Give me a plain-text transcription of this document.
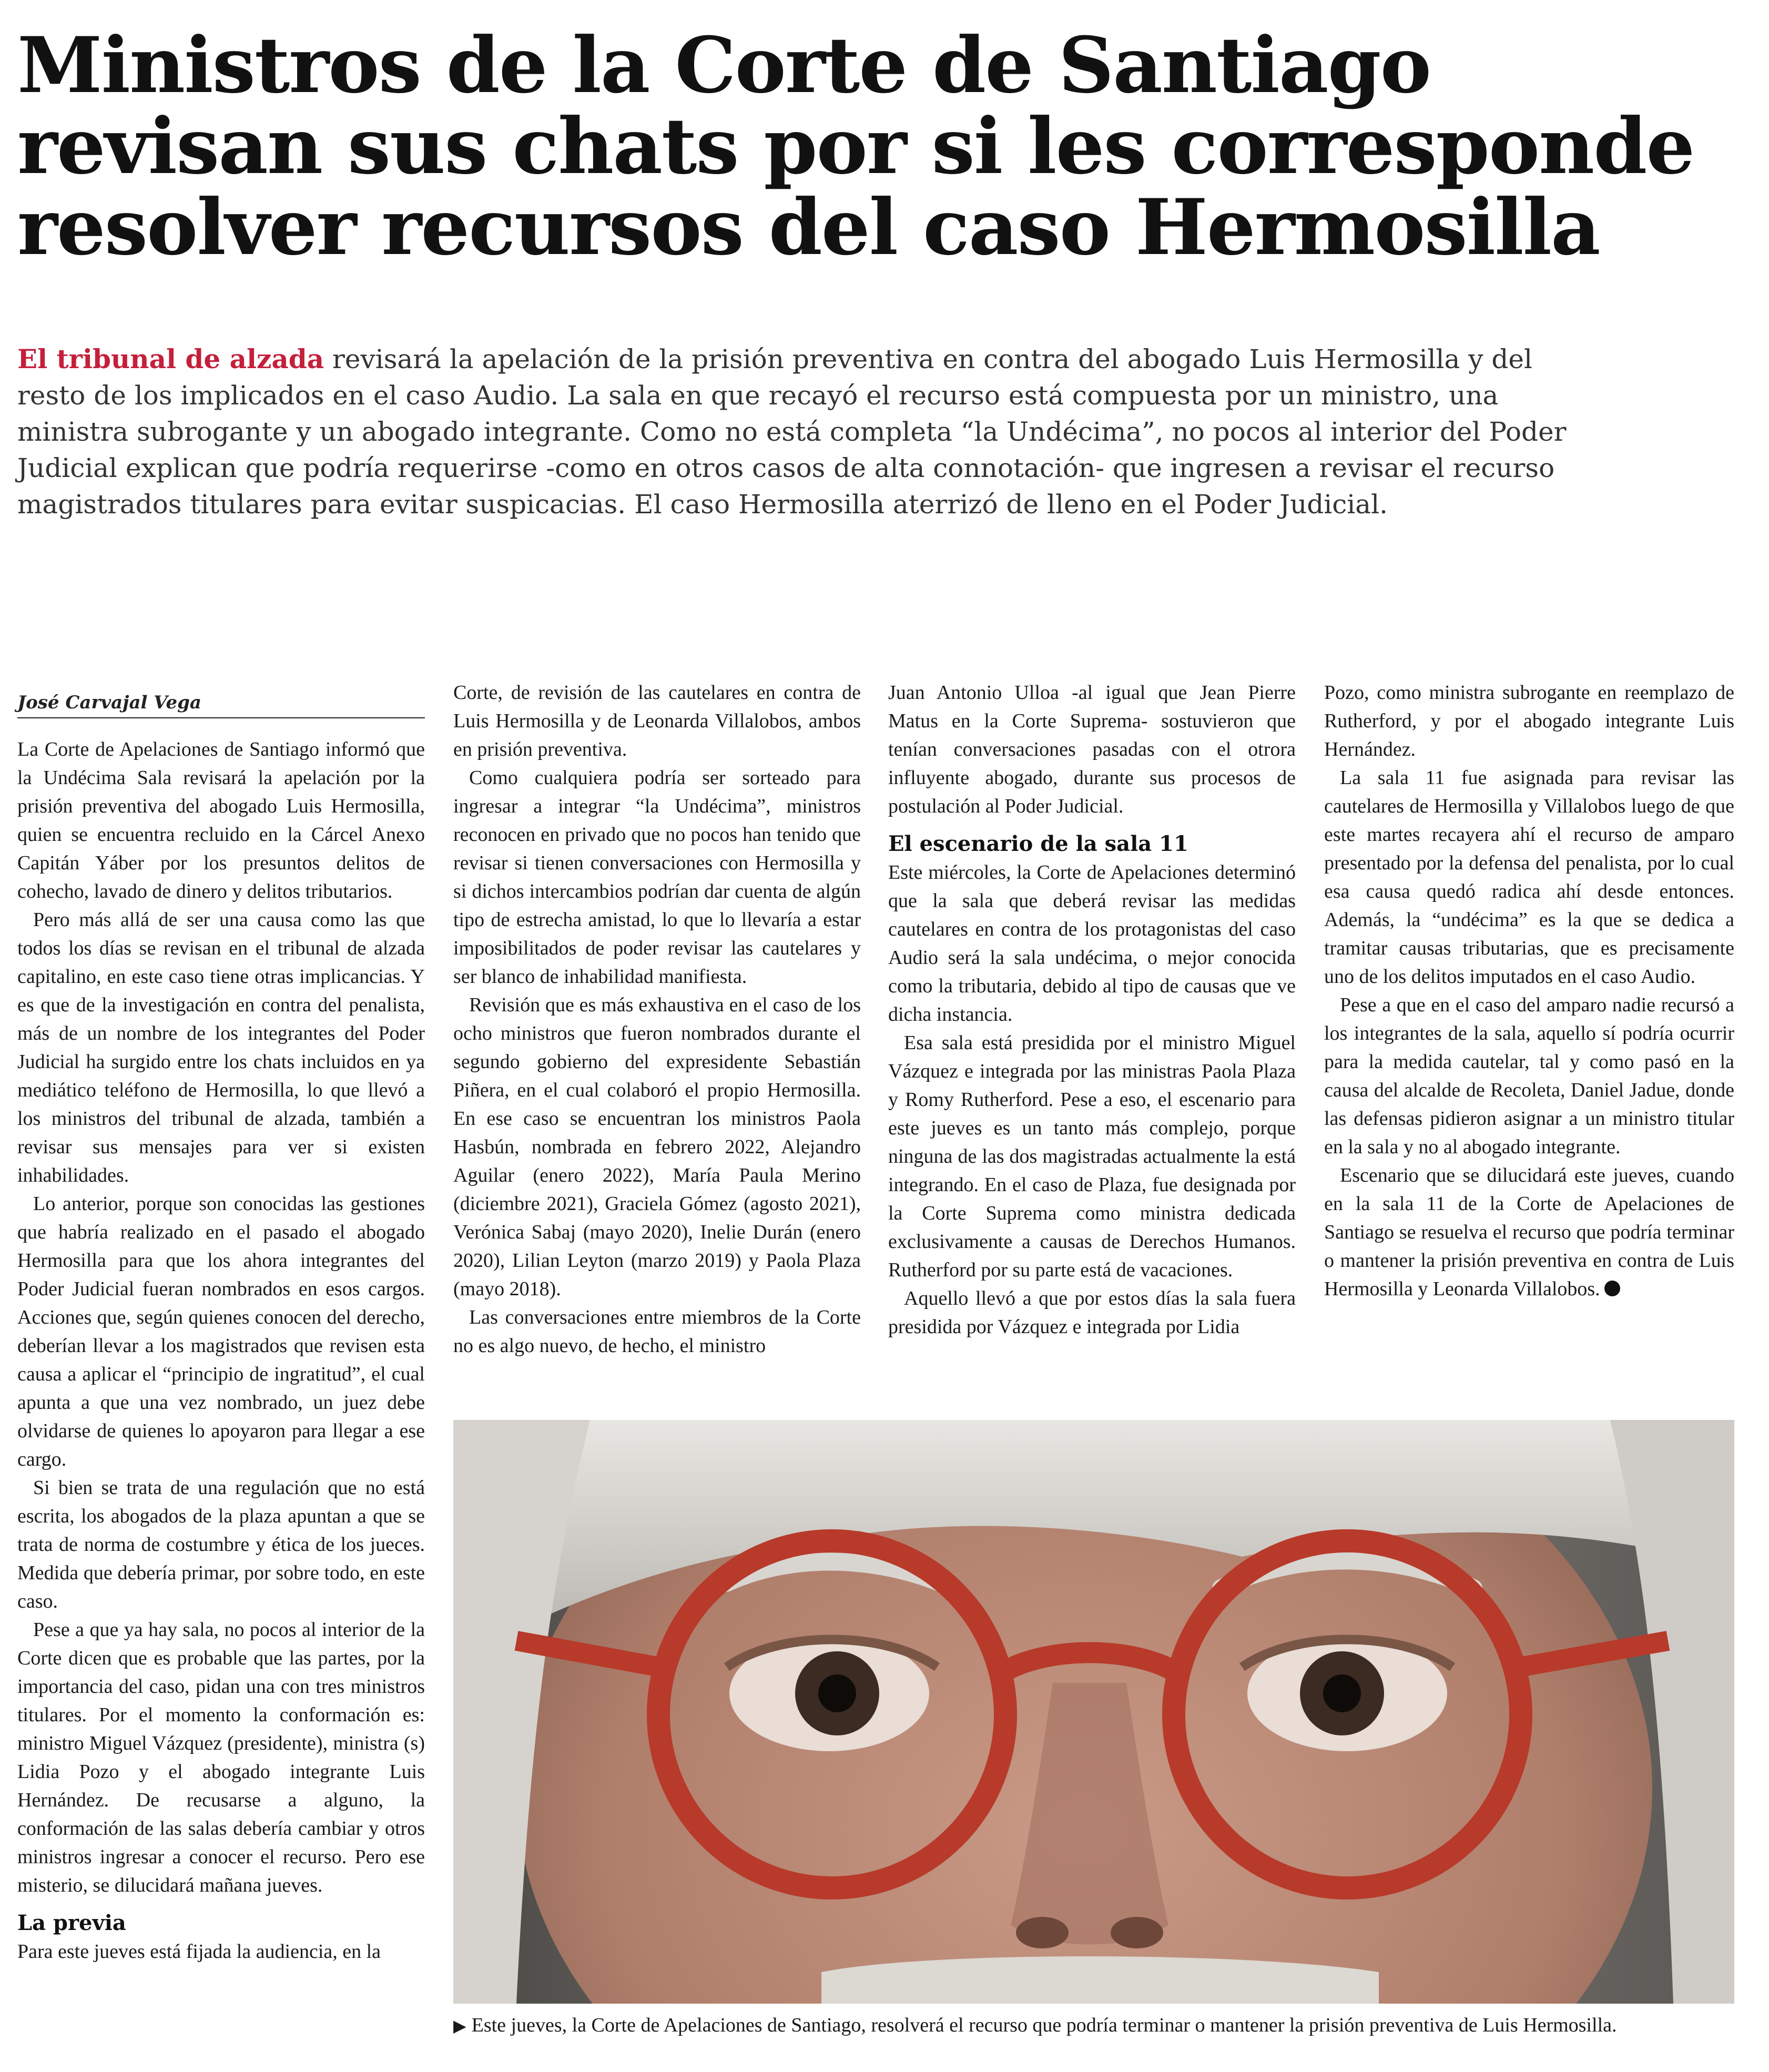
Ministros de la Corte de Santiago revisan sus chats por si les corresponde resolver recursos del caso Hermosilla

El tribunal de alzada revisará la apelación de la prisión preventiva en contra del abogado Luis Hermosilla y del resto de los implicados en el caso Audio. La sala en que recayó el recurso está compuesta por un ministro, una ministra subrogante y un abogado integrante. Como no está completa “la Undécima”, no pocos al interior del Poder Judicial explican que podría requerirse -como en otros casos de alta connotación- que ingresen a revisar el recurso magistrados titulares para evitar suspicacias. El caso Hermosilla aterrizó de lleno en el Poder Judicial.

José Carvajal Vega

La Corte de Apelaciones de Santiago informó que la Undécima Sala revisará la apelación por la prisión preventiva del abogado Luis Hermosilla, quien se encuentra recluido en la Cárcel Anexo Capitán Yáber por los presuntos delitos de cohecho, lavado de dinero y delitos tributarios.

Pero más allá de ser una causa como las que todos los días se revisan en el tribunal de alzada capitalino, en este caso tiene otras implicancias. Y es que de la investigación en contra del penalista, más de un nombre de los integrantes del Poder Judicial ha surgido entre los chats incluidos en ya mediático teléfono de Hermosilla, lo que llevó a los ministros del tribunal de alzada, también a revisar sus mensajes para ver si existen inhabilidades.

Lo anterior, porque son conocidas las gestiones que habría realizado en el pasado el abogado Hermosilla para que los ahora integrantes del Poder Judicial fueran nombrados en esos cargos. Acciones que, según quienes conocen del derecho, deberían llevar a los magistrados que revisen esta causa a aplicar el “principio de ingratitud”, el cual apunta a que una vez nombrado, un juez debe olvidarse de quienes lo apoyaron para llegar a ese cargo.

Si bien se trata de una regulación que no está escrita, los abogados de la plaza apuntan a que se trata de norma de costumbre y ética de los jueces. Medida que debería primar, por sobre todo, en este caso.

Pese a que ya hay sala, no pocos al interior de la Corte dicen que es probable que las partes, por la importancia del caso, pidan una con tres ministros titulares. Por el momento la conformación es: ministro Miguel Vázquez (presidente), ministra (s) Lidia Pozo y el abogado integrante Luis Hernández. De recusarse a alguno, la conformación de las salas debería cambiar y otros ministros ingresar a conocer el recurso. Pero ese misterio, se dilucidará mañana jueves.

La previa

Para este jueves está fijada la audiencia, en la

Corte, de revisión de las cautelares en contra de Luis Hermosilla y de Leonarda Villalobos, ambos en prisión preventiva.

Como cualquiera podría ser sorteado para ingresar a integrar “la Undécima”, ministros reconocen en privado que no pocos han tenido que revisar si tienen conversaciones con Hermosilla y si dichos intercambios podrían dar cuenta de algún tipo de estrecha amistad, lo que lo llevaría a estar imposibilitados de poder revisar las cautelares y ser blanco de inhabilidad manifiesta.

Revisión que es más exhaustiva en el caso de los ocho ministros que fueron nombrados durante el segundo gobierno del expresidente Sebastián Piñera, en el cual colaboró el propio Hermosilla. En ese caso se encuentran los ministros Paola Hasbún, nombrada en febrero 2022, Alejandro Aguilar (enero 2022), María Paula Merino (diciembre 2021), Graciela Gómez (agosto 2021), Verónica Sabaj (mayo 2020), Inelie Durán (enero 2020), Lilian Leyton (marzo 2019) y Paola Plaza (mayo 2018).

Las conversaciones entre miembros de la Corte no es algo nuevo, de hecho, el ministro

Juan Antonio Ulloa -al igual que Jean Pierre Matus en la Corte Suprema- sostuvieron que tenían conversaciones pasadas con el otrora influyente abogado, durante sus procesos de postulación al Poder Judicial.

El escenario de la sala 11

Este miércoles, la Corte de Apelaciones determinó que la sala que deberá revisar las medidas cautelares en contra de los protagonistas del caso Audio será la sala undécima, o mejor conocida como la tributaria, debido al tipo de causas que ve dicha instancia.

Esa sala está presidida por el ministro Miguel Vázquez e integrada por las ministras Paola Plaza y Romy Rutherford. Pese a eso, el escenario para este jueves es un tanto más complejo, porque ninguna de las dos magistradas actualmente la está integrando. En el caso de Plaza, fue designada por la Corte Suprema como ministra dedicada exclusivamente a causas de Derechos Humanos. Rutherford por su parte está de vacaciones.

Aquello llevó a que por estos días la sala fuera presidida por Vázquez e integrada por Lidia

Pozo, como ministra subrogante en reemplazo de Rutherford, y por el abogado integrante Luis Hernández.

La sala 11 fue asignada para revisar las cautelares de Hermosilla y Villalobos luego de que este martes recayera ahí el recurso de amparo presentado por la defensa del penalista, por lo cual esa causa quedó radica ahí desde entonces. Además, la “undécima” es la que se dedica a tramitar causas tributarias, que es precisamente uno de los delitos imputados en el caso Audio.

Pese a que en el caso del amparo nadie recursó a los integrantes de la sala, aquello sí podría ocurrir para la medida cautelar, tal y como pasó en la causa del alcalde de Recoleta, Daniel Jadue, donde las defensas pidieron asignar a un ministro titular en la sala y no al abogado integrante.

Escenario que se dilucidará este jueves, cuando en la sala 11 de la Corte de Apelaciones de Santiago se resuelva el recurso que podría terminar o mantener la prisión preventiva en contra de Luis Hermosilla y Leonarda Villalobos.

▶ Este jueves, la Corte de Apelaciones de Santiago, resolverá el recurso que podría terminar o mantener la prisión preventiva de Luis Hermosilla.
